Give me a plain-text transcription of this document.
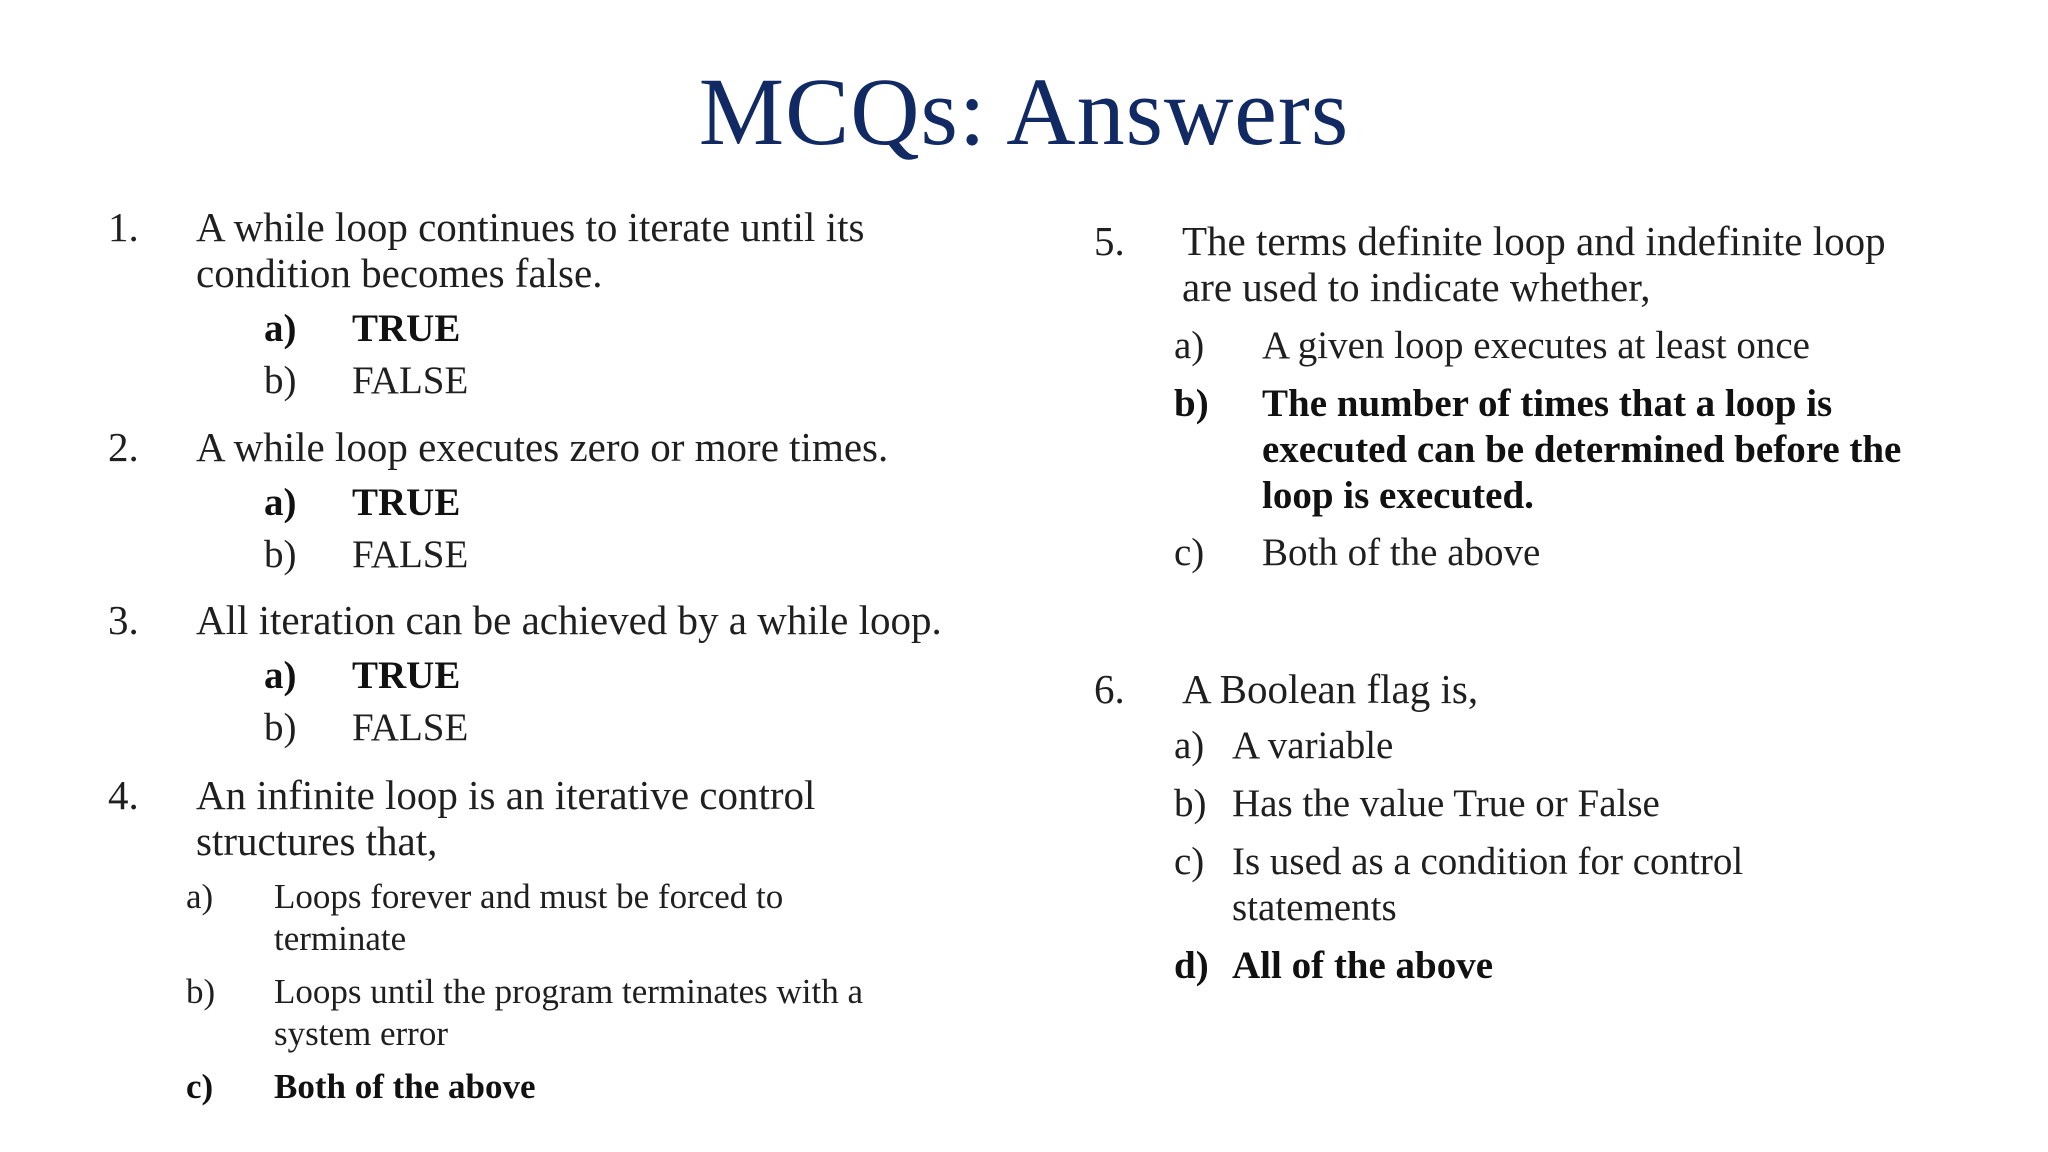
MCQs: Answers
1. A while loop continues to iterate until its
condition becomes false.
a) TRUE
b) FALSE
2. A while loop executes zero or more times.
a) TRUE
b) FALSE
3. All iteration can be achieved by a while loop.
a) TRUE
b) FALSE
4. An infinite loop is an iterative control
structures that,
a) Loops forever and must be forced to
terminate
b) Loops until the program terminates with a
system error
c) Both of the above
5. The terms definite loop and indefinite loop
are used to indicate whether,
a) A given loop executes at least once
b) The number of times that a loop is
executed can be determined before the
loop is executed.
c) Both of the above
6. A Boolean flag is,
a) A variable
b) Has the value True or False
c) Is used as a condition for control
statements
d) All of the above
